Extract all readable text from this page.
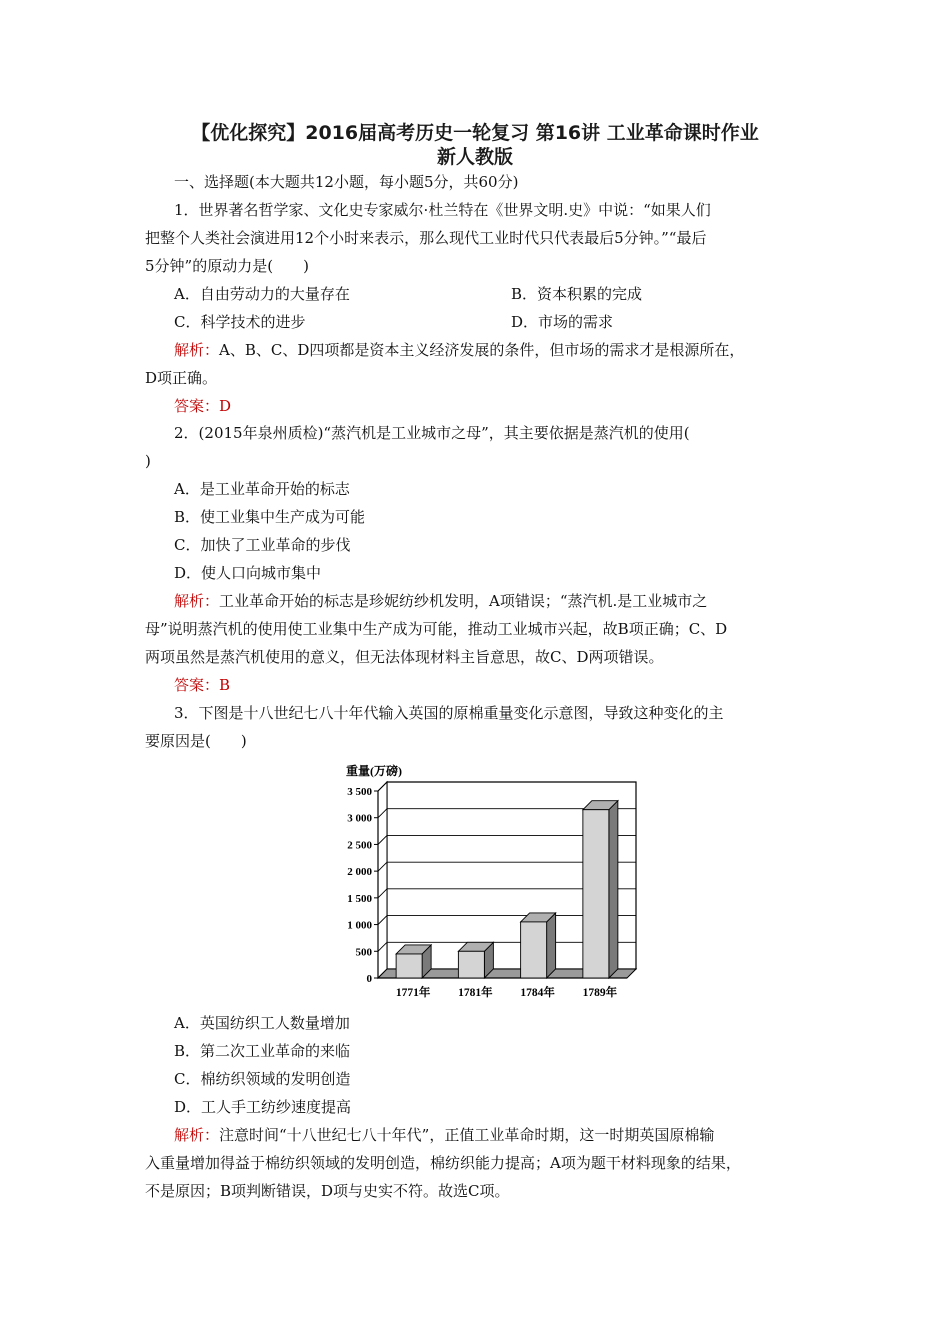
【优化探究】2016届高考历史一轮复习 第16讲 工业革命课时作业
新人教版
一、选择题(本大题共12小题，每小题5分，共60分)
1．世界著名哲学家、文化史专家威尔·杜兰特在《世界文明.史》中说：“如果人们
把整个人类社会演进用12个小时来表示，那么现代工业时代只代表最后5分钟。”“最后
5分钟”的原动力是(　　)
A．自由劳动力的大量存在	B．资本积累的完成
C．科学技术的进步	D．市场的需求
解析：A、B、C、D四项都是资本主义经济发展的条件，但市场的需求才是根源所在，
D项正确。
答案：D
2．(2015年泉州质检)“蒸汽机是工业城市之母”，其主要依据是蒸汽机的使用(
)
A．是工业革命开始的标志
B．使工业集中生产成为可能
C．加快了工业革命的步伐
D．使人口向城市集中
解析：工业革命开始的标志是珍妮纺纱机发明，A项错误；“蒸汽机.是工业城市之
母”说明蒸汽机的使用使工业集中生产成为可能，推动工业城市兴起，故B项正确；C、D
两项虽然是蒸汽机使用的意义，但无法体现材料主旨意思，故C、D两项错误。
答案：B
3．下图是十八世纪七八十年代输入英国的原棉重量变化示意图，导致这种变化的主
要原因是(　　)
0
500
1 000
1 500
2 000
2 500
3 000
3 500
重量(万磅)
1771年 1781年 1784年 1789年
A．英国纺织工人数量增加
B．第二次工业革命的来临
C．棉纺织领域的发明创造
D．工人手工纺纱速度提高
解析：注意时间“十八世纪七八十年代”，正值工业革命时期，这一时期英国原棉输
入重量增加得益于棉纺织领域的发明创造，棉纺织能力提高；A项为题干材料现象的结果，
不是原因；B项判断错误，D项与史实不符。故选C项。
